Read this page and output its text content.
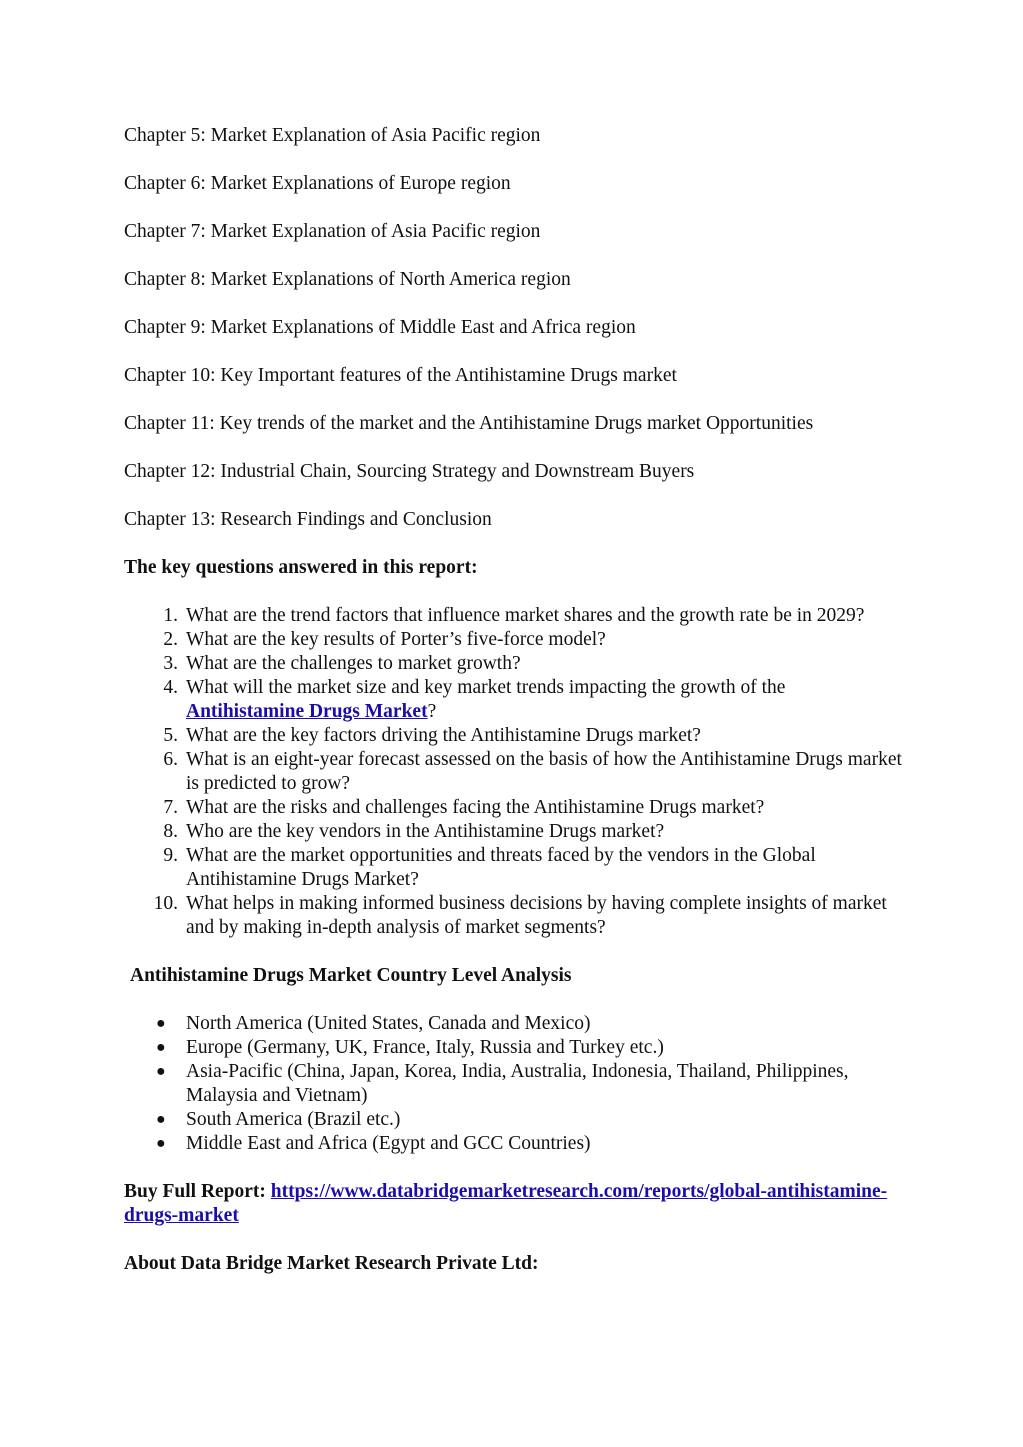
Chapter 5: Market Explanation of Asia Pacific region

Chapter 6: Market Explanations of Europe region

Chapter 7: Market Explanation of Asia Pacific region

Chapter 8: Market Explanations of North America region

Chapter 9: Market Explanations of Middle East and Africa region

Chapter 10: Key Important features of the Antihistamine Drugs market

Chapter 11: Key trends of the market and the Antihistamine Drugs market Opportunities

Chapter 12: Industrial Chain, Sourcing Strategy and Downstream Buyers

Chapter 13: Research Findings and Conclusion

The key questions answered in this report:

1. What are the trend factors that influence market shares and the growth rate be in 2029?
2. What are the key results of Porter’s five-force model?
3. What are the challenges to market growth?
4. What will the market size and key market trends impacting the growth of the Antihistamine Drugs Market?
5. What are the key factors driving the Antihistamine Drugs market?
6. What is an eight-year forecast assessed on the basis of how the Antihistamine Drugs market is predicted to grow?
7. What are the risks and challenges facing the Antihistamine Drugs market?
8. Who are the key vendors in the Antihistamine Drugs market?
9. What are the market opportunities and threats faced by the vendors in the Global Antihistamine Drugs Market?
10. What helps in making informed business decisions by having complete insights of market and by making in-depth analysis of market segments?

Antihistamine Drugs Market Country Level Analysis

● North America (United States, Canada and Mexico)
● Europe (Germany, UK, France, Italy, Russia and Turkey etc.)
● Asia-Pacific (China, Japan, Korea, India, Australia, Indonesia, Thailand, Philippines, Malaysia and Vietnam)
● South America (Brazil etc.)
● Middle East and Africa (Egypt and GCC Countries)

Buy Full Report: https://www.databridgemarketresearch.com/reports/global-antihistamine-drugs-market

About Data Bridge Market Research Private Ltd:
